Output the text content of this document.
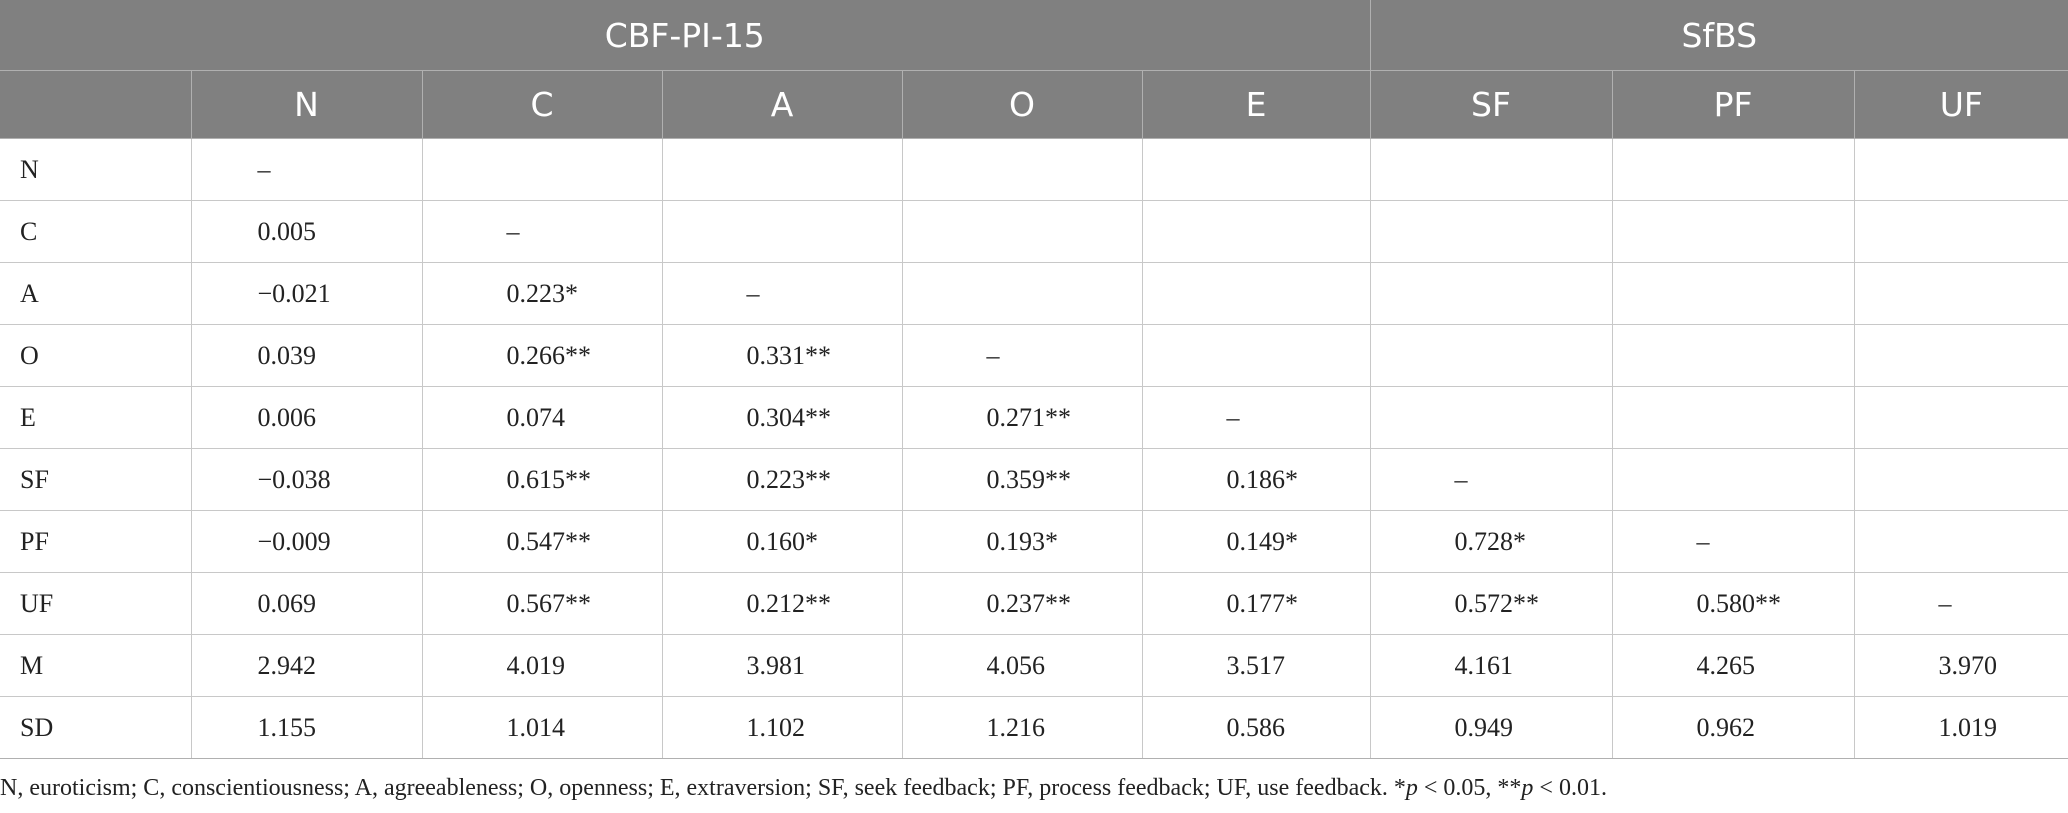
CBF-PI-15						SfBS		
	N	C	A	O	E	SF	PF	UF
N	–							
C	0.005	–						
A	−0.021	0.223*	–					
O	0.039	0.266**	0.331**	–				
E	0.006	0.074	0.304**	0.271**	–			
SF	−0.038	0.615**	0.223**	0.359**	0.186*	–		
PF	−0.009	0.547**	0.160*	0.193*	0.149*	0.728*	–	
UF	0.069	0.567**	0.212**	0.237**	0.177*	0.572**	0.580**	–
M	2.942	4.019	3.981	4.056	3.517	4.161	4.265	3.970
SD	1.155	1.014	1.102	1.216	0.586	0.949	0.962	1.019

N, euroticism; C, conscientiousness; A, agreeableness; O, openness; E, extraversion; SF, seek feedback; PF, process feedback; UF, use feedback. *p < 0.05, **p < 0.01.
